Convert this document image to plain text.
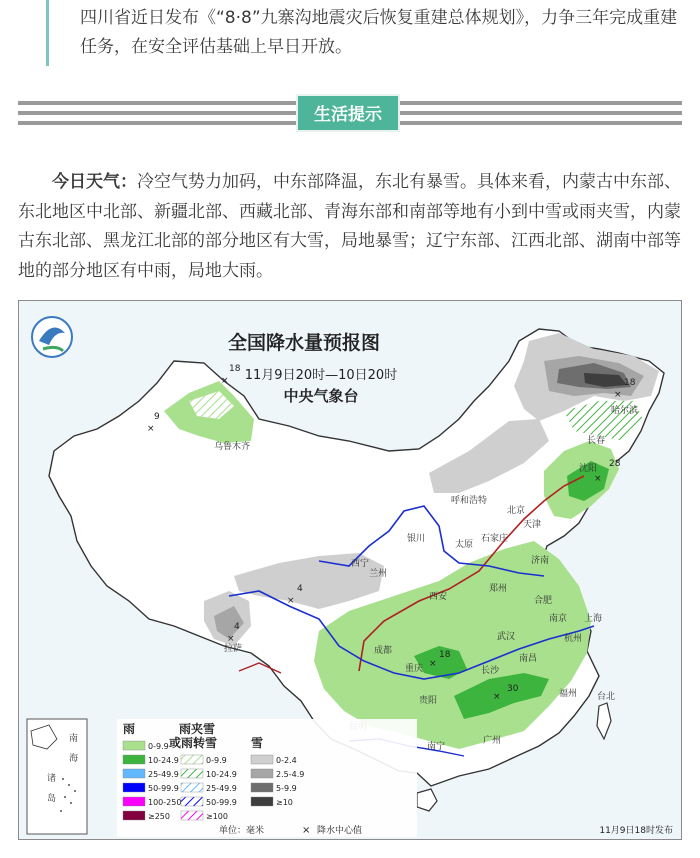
四川省近日发布《“8·8”九寨沟地震灾后恢复重建总体规划》，力争三年完成重建任务，在安全评估基础上早日开放。
生活提示
今日天气：冷空气势力加码，中东部降温，东北有暴雪。具体来看，内蒙古中东部、东北地区中北部、新疆北部、西藏北部、青海东部和南部等地有小到中雪或雨夹雪，内蒙古东北部、黑龙江北部的部分地区有大雪，局地暴雪；辽宁东部、江西北部、湖南中部等地的部分地区有中雨，局地大雨。
乌鲁木齐
呼和浩特
北京
天津
石家庄
太原
济南
郑州
银川
兰州
西宁
西安	合肥
南京 上海
杭州
武汉
长沙
南昌
福州 台北
广州
南宁
贵阳
成都
重庆
拉萨
沈阳
长春
哈尔滨
18
×
9
×
18
×
28
×
4
×
4
×
18
×
30
×
全国降水量预报图
11月9日20时—10日20时
中央气象台
南
海
诸
岛
雨	雨夹雪
或雨转雪	雪
0-9.9
10-24.9
25-49.9
50-99.9
100-250
≥250
0-9.9
10-24.9
25-49.9
50-99.9
≥100
0-2.4
2.5-4.9
5-9.9
≥10
单位：毫米	× 降水中心值	11月9日18时发布
